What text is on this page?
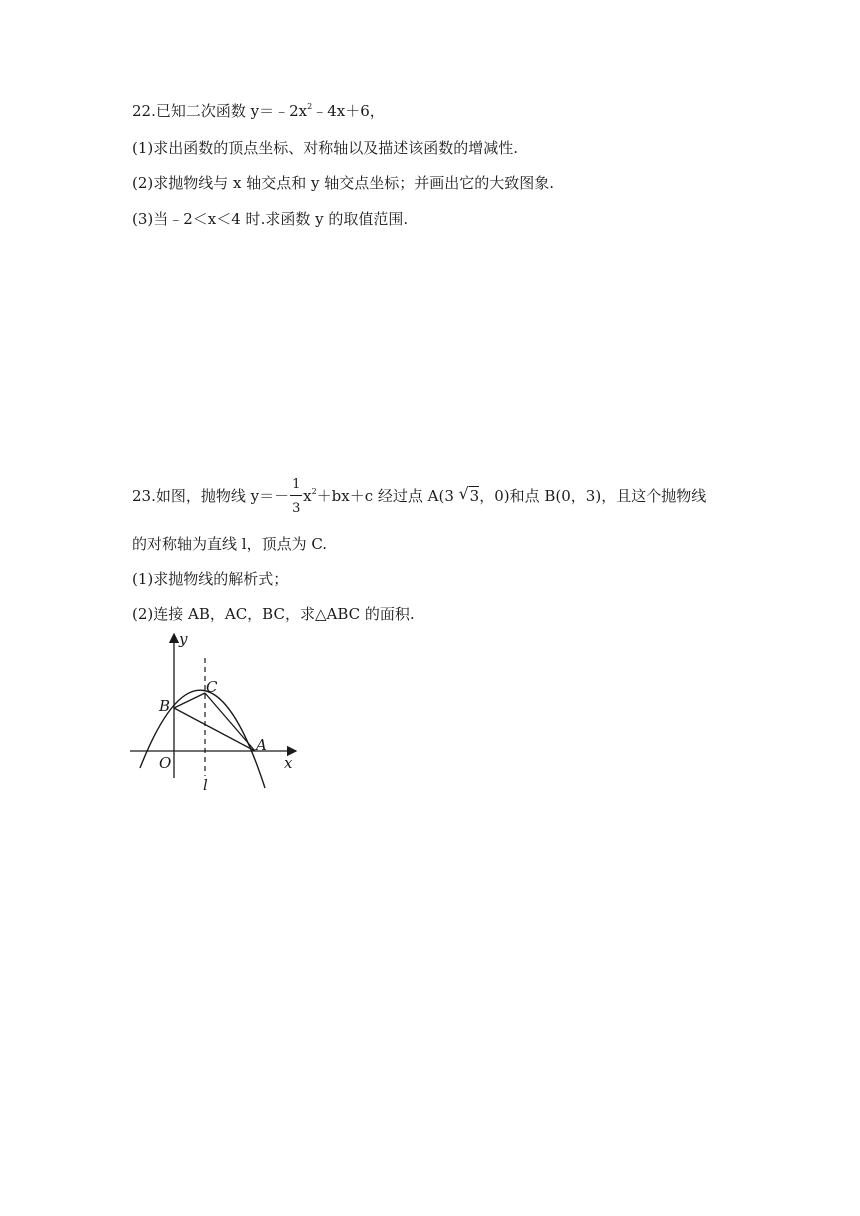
22.已知二次函数 $y=﹣2x^2﹣4x+6$，
(1)求出函数的顶点坐标、对称轴以及描述该函数的增减性.
(2)求抛物线与 x 轴交点和 y 轴交点坐标；并画出它的大致图象.
(3)当﹣2＜x＜4 时.求函数 y 的取值范围.
23.如图，抛物线 $y=- \frac{1}{3} x^2+bx+c$ 经过点 A(3 √ 3，0)和点 B(0，3)，且这个抛物线
的对称轴为直线 l，顶点为 C.
(1)求抛物线的解析式；
(2)连接 AB，AC，BC，求△ABC 的面积.
y
x
O
A
B
C
l
